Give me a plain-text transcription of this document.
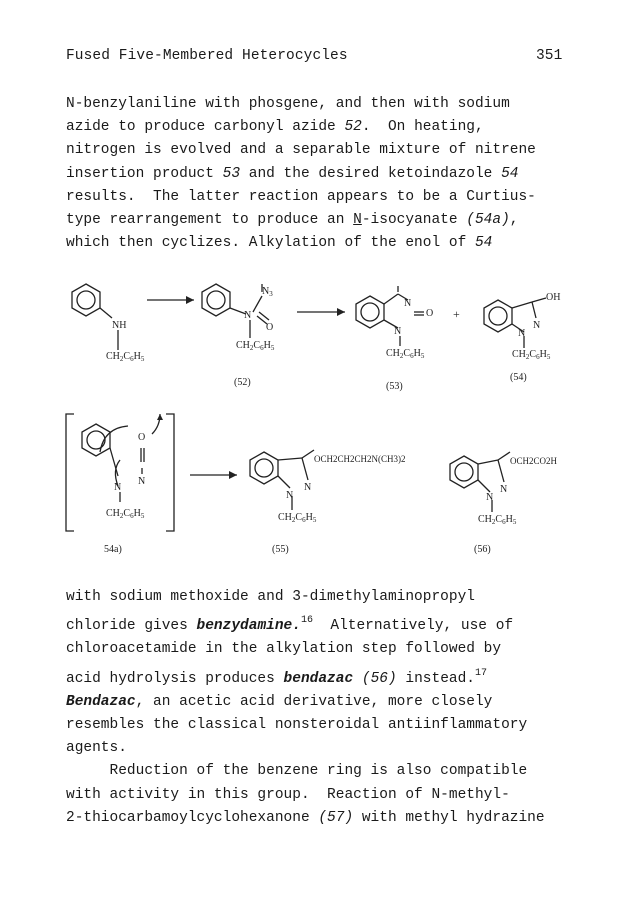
Fused Five-Membered Heterocycles	351
N-benzylaniline with phosgene, and then with sodium
azide to produce carbonyl azide 52.  On heating,
nitrogen is evolved and a separable mixture of nitrene
insertion product 53 and the desired ketoindazole 54
results.  The latter reaction appears to be a Curtius-
type rearrangement to produce an N-isocyanate (54a),
which then cyclizes. Alkylation of the enol of 54
NH
$CH_2C_6H_5$
$N_3$
N
O
$CH_2C_6H_5$
(52)
N
O
N
$CH_2C_6H_5$
(53)
+
OH
N
N
$CH_2C_6H_5$
(54)
O
N
N
$CH_2C_6H_5$
54a)
OCH2CH2CH2N(CH3)2
N
N
$CH_2C_6H_5$
(55)
OCH2CO2H
N
N
$CH_2C_6H_5$
(56)
with sodium methoxide and 3-dimethylaminopropyl
chloride gives benzydamine.$^{16}$  Alternatively, use of
chloroacetamide in the alkylation step followed by
acid hydrolysis produces bendazac (56) instead.$^{17}$
Bendazac, an acetic acid derivative, more closely
resembles the classical nonsteroidal antiinflammatory
agents.
Reduction of the benzene ring is also compatible
with activity in this group.  Reaction of N-methyl-
2-thiocarbamoylcyclohexanone (57) with methyl hydrazine
